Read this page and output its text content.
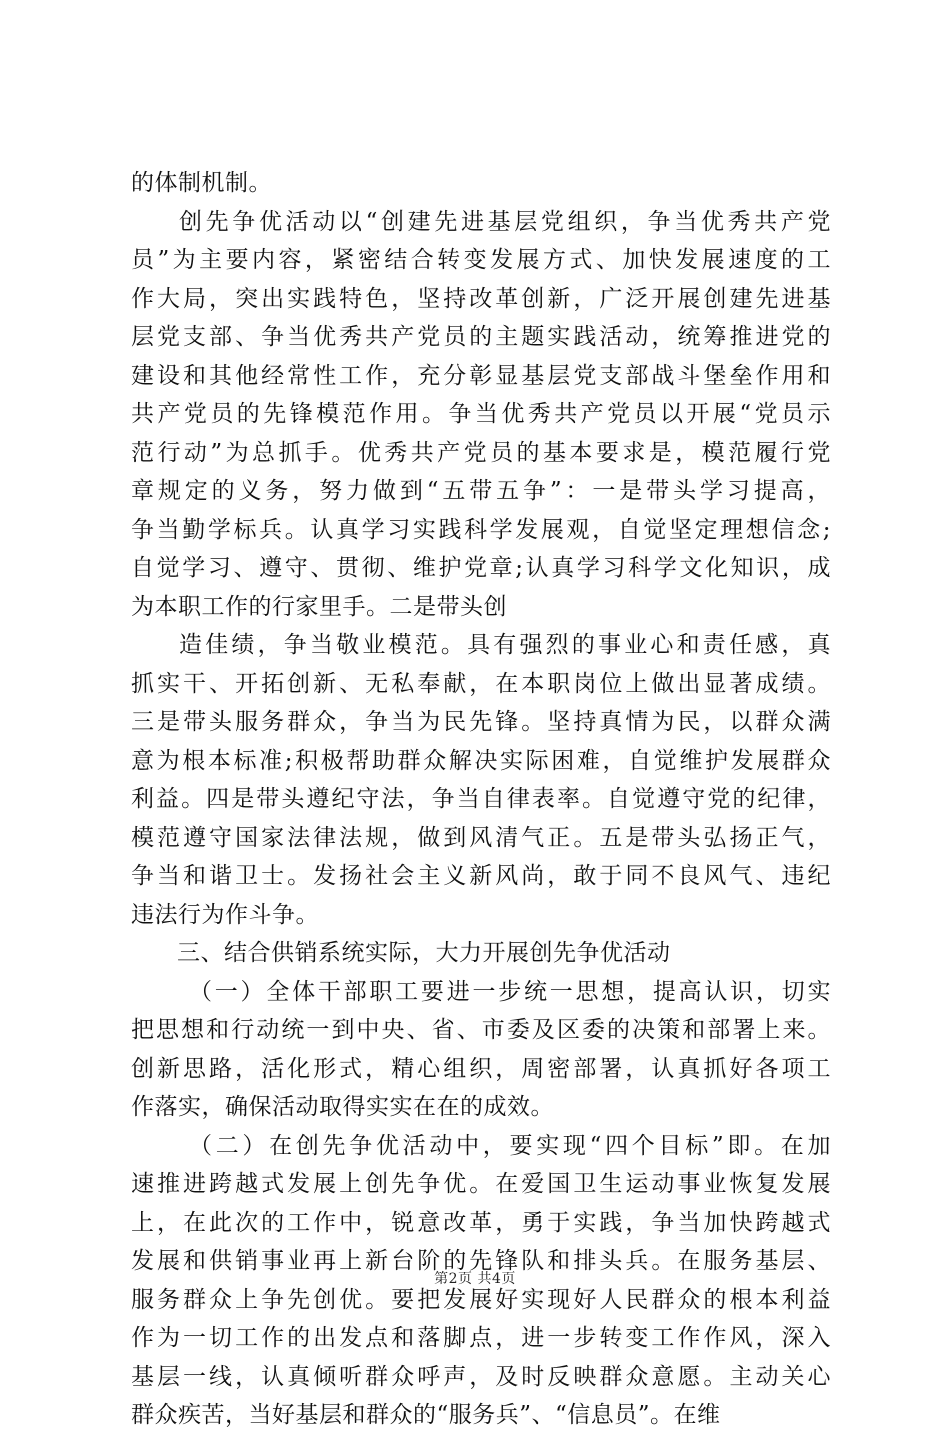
的体制机制。
创先争优活动以“创建先进基层党组织，争当优秀共产党
员”为主要内容，紧密结合转变发展方式、加快发展速度的工
作大局，突出实践特色，坚持改革创新，广泛开展创建先进基
层党支部、争当优秀共产党员的主题实践活动，统筹推进党的
建设和其他经常性工作，充分彰显基层党支部战斗堡垒作用和
共产党员的先锋模范作用。争当优秀共产党员以开展“党员示
范行动”为总抓手。优秀共产党员的基本要求是，模范履行党
章规定的义务，努力做到“五带五争”：一是带头学习提高，
争当勤学标兵。认真学习实践科学发展观，自觉坚定理想信念;
自觉学习、遵守、贯彻、维护党章;认真学习科学文化知识，成
为本职工作的行家里手。二是带头创
造佳绩，争当敬业模范。具有强烈的事业心和责任感，真
抓实干、开拓创新、无私奉献，在本职岗位上做出显著成绩。
三是带头服务群众，争当为民先锋。坚持真情为民，以群众满
意为根本标准;积极帮助群众解决实际困难，自觉维护发展群众
利益。四是带头遵纪守法，争当自律表率。自觉遵守党的纪律，
模范遵守国家法律法规，做到风清气正。五是带头弘扬正气，
争当和谐卫士。发扬社会主义新风尚，敢于同不良风气、违纪
违法行为作斗争。
三、结合供销系统实际，大力开展创先争优活动
（一）全体干部职工要进一步统一思想，提高认识，切实
把思想和行动统一到中央、省、市委及区委的决策和部署上来。
创新思路，活化形式，精心组织，周密部署，认真抓好各项工
作落实，确保活动取得实实在在的成效。
（二）在创先争优活动中，要实现“四个目标”即。在加
速推进跨越式发展上创先争优。在爱国卫生运动事业恢复发展
上，在此次的工作中，锐意改革，勇于实践，争当加快跨越式
发展和供销事业再上新台阶的先锋队和排头兵。在服务基层、
服务群众上争先创优。要把发展好实现好人民群众的根本利益
作为一切工作的出发点和落脚点，进一步转变工作作风，深入
基层一线，认真倾听群众呼声，及时反映群众意愿。主动关心
群众疾苦，当好基层和群众的“服务兵”、“信息员”。在维
第2页 共4页
